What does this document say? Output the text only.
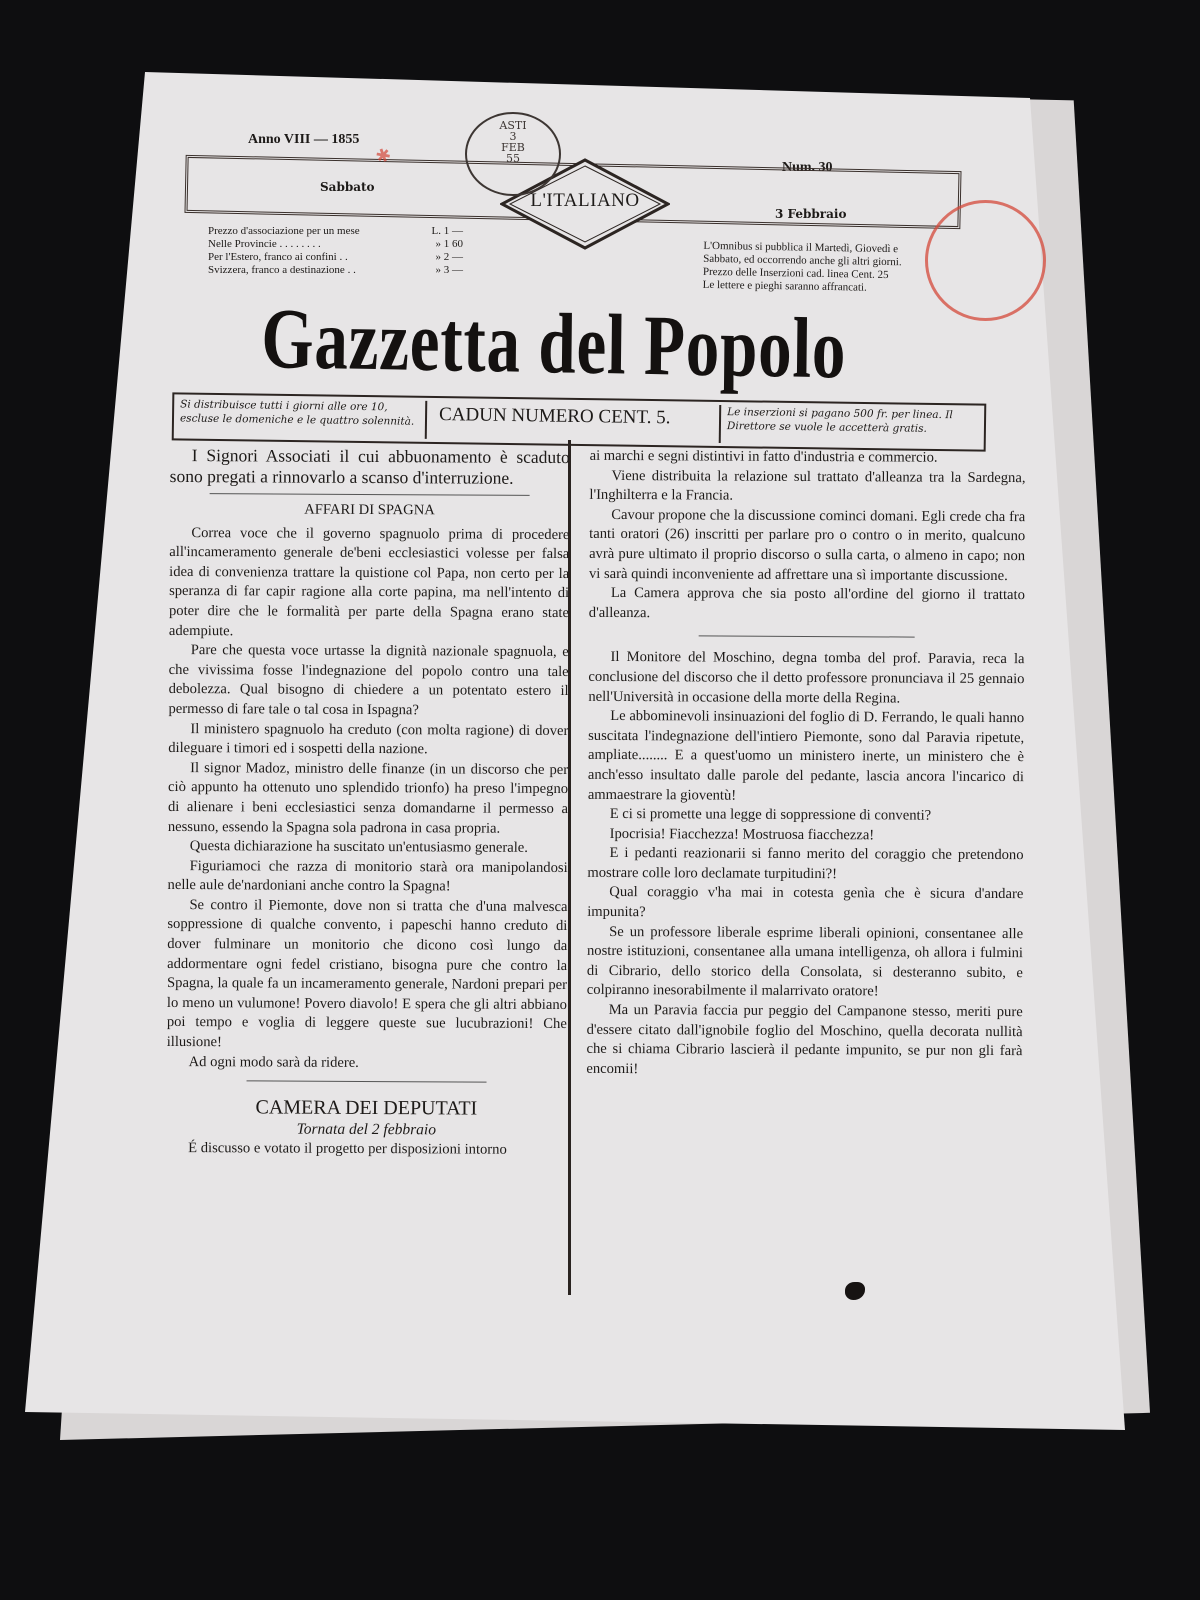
Anno VIII — 1855
Num. 30
Sabbato
3 Febbraio
L'ITALIANO
ASTI
3
FEB
55
✱
Prezzo d'associazione per un mese	L. 1 —
Nelle Provincie . . . . . . . .	» 1 60
Per l'Estero, franco ai confini . .	» 2 —
Svizzera, franco a destinazione . .	» 3 —
L'Omnibus si pubblica il Martedì, Giovedì e
Sabbato, ed occorrendo anche gli altri giorni.
Prezzo delle Inserzioni cad. linea Cent. 25
Le lettere e pieghi saranno affrancati.
Gazzetta del Popolo
Si distribuisce tutti i giorni alle ore 10, escluse le domeniche e le quattro solennità.	CADUN NUMERO CENT. 5.	Le inserzioni si pagano 500 fr. per linea. Il Direttore se vuole le accetterà gratis.

I Signori Associati il cui abbuonamento è scaduto sono pregati a rinnovarlo a scanso d'interruzione.

AFFARI DI SPAGNA

Correa voce che il governo spagnuolo prima di procedere all'incameramento generale de'beni ecclesiastici volesse per falsa idea di convenienza trattare la quistione col Papa, non certo per la speranza di far capir ragione alla corte papina, ma nell'intento di poter dire che le formalità per parte della Spagna erano state adempiute.

Pare che questa voce urtasse la dignità nazionale spagnuola, e che vivissima fosse l'indegnazione del popolo contro una tale debolezza. Qual bisogno di chiedere a un potentato estero il permesso di fare tale o tal cosa in Ispagna?

Il ministero spagnuolo ha creduto (con molta ragione) di dover dileguare i timori ed i sospetti della nazione.

Il signor Madoz, ministro delle finanze (in un discorso che per ciò appunto ha ottenuto uno splendido trionfo) ha preso l'impegno di alienare i beni ecclesiastici senza domandarne il permesso a nessuno, essendo la Spagna sola padrona in casa propria.

Questa dichiarazione ha suscitato un'entusiasmo generale.

Figuriamoci che razza di monitorio starà ora manipolandosi nelle aule de'nardoniani anche contro la Spagna!

Se contro il Piemonte, dove non si tratta che d'una malvesca soppressione di qualche convento, i papeschi hanno creduto di dover fulminare un monitorio che dicono così lungo da addormentare ogni fedel cristiano, bisogna pure che contro la Spagna, la quale fa un incameramento generale, Nardoni prepari per lo meno un vulumone! Povero diavolo! E spera che gli altri abbiano poi tempo e voglia di leggere queste sue lucubrazioni! Che illusione!

Ad ogni modo sarà da ridere.

CAMERA DEI DEPUTATI
Tornata del 2 febbraio

É discusso e votato il progetto per disposizioni intorno

ai marchi e segni distintivi in fatto d'industria e commercio.

Viene distribuita la relazione sul trattato d'alleanza tra la Sardegna, l'Inghilterra e la Francia.

Cavour propone che la discussione cominci domani. Egli crede cha fra tanti oratori (26) inscritti per parlare pro o contro o in merito, qualcuno avrà pure ultimato il proprio discorso o sulla carta, o almeno in capo; non vi sarà quindi inconveniente ad affrettare una sì importante discussione.

La Camera approva che sia posto all'ordine del giorno il trattato d'alleanza.

Il Monitore del Moschino, degna tomba del prof. Paravia, reca la conclusione del discorso che il detto professore pronunciava il 25 gennaio nell'Università in occasione della morte della Regina.

Le abbominevoli insinuazioni del foglio di D. Ferrando, le quali hanno suscitata l'indegnazione dell'intiero Piemonte, sono dal Paravia ripetute, ampliate........ E a quest'uomo un ministero inerte, un ministero che è anch'esso insultato dalle parole del pedante, lascia ancora l'incarico di ammaestrare la gioventù!

E ci si promette una legge di soppressione di conventi?

Ipocrisia! Fiacchezza! Mostruosa fiacchezza!

E i pedanti reazionarii si fanno merito del coraggio che pretendono mostrare colle loro declamate turpitudini?!

Qual coraggio v'ha mai in cotesta genìa che è sicura d'andare impunita?

Se un professore liberale esprime liberali opinioni, consentanee alle nostre istituzioni, consentanee alla umana intelligenza, oh allora i fulmini di Cibrario, dello storico della Consolata, si desteranno subito, e colpiranno inesorabilmente il malarrivato oratore!

Ma un Paravia faccia pur peggio del Campanone stesso, meriti pure d'essere citato dall'ignobile foglio del Moschino, quella decorata nullità che si chiama Cibrario lascierà il pedante impunito, se pur non gli farà encomii!
